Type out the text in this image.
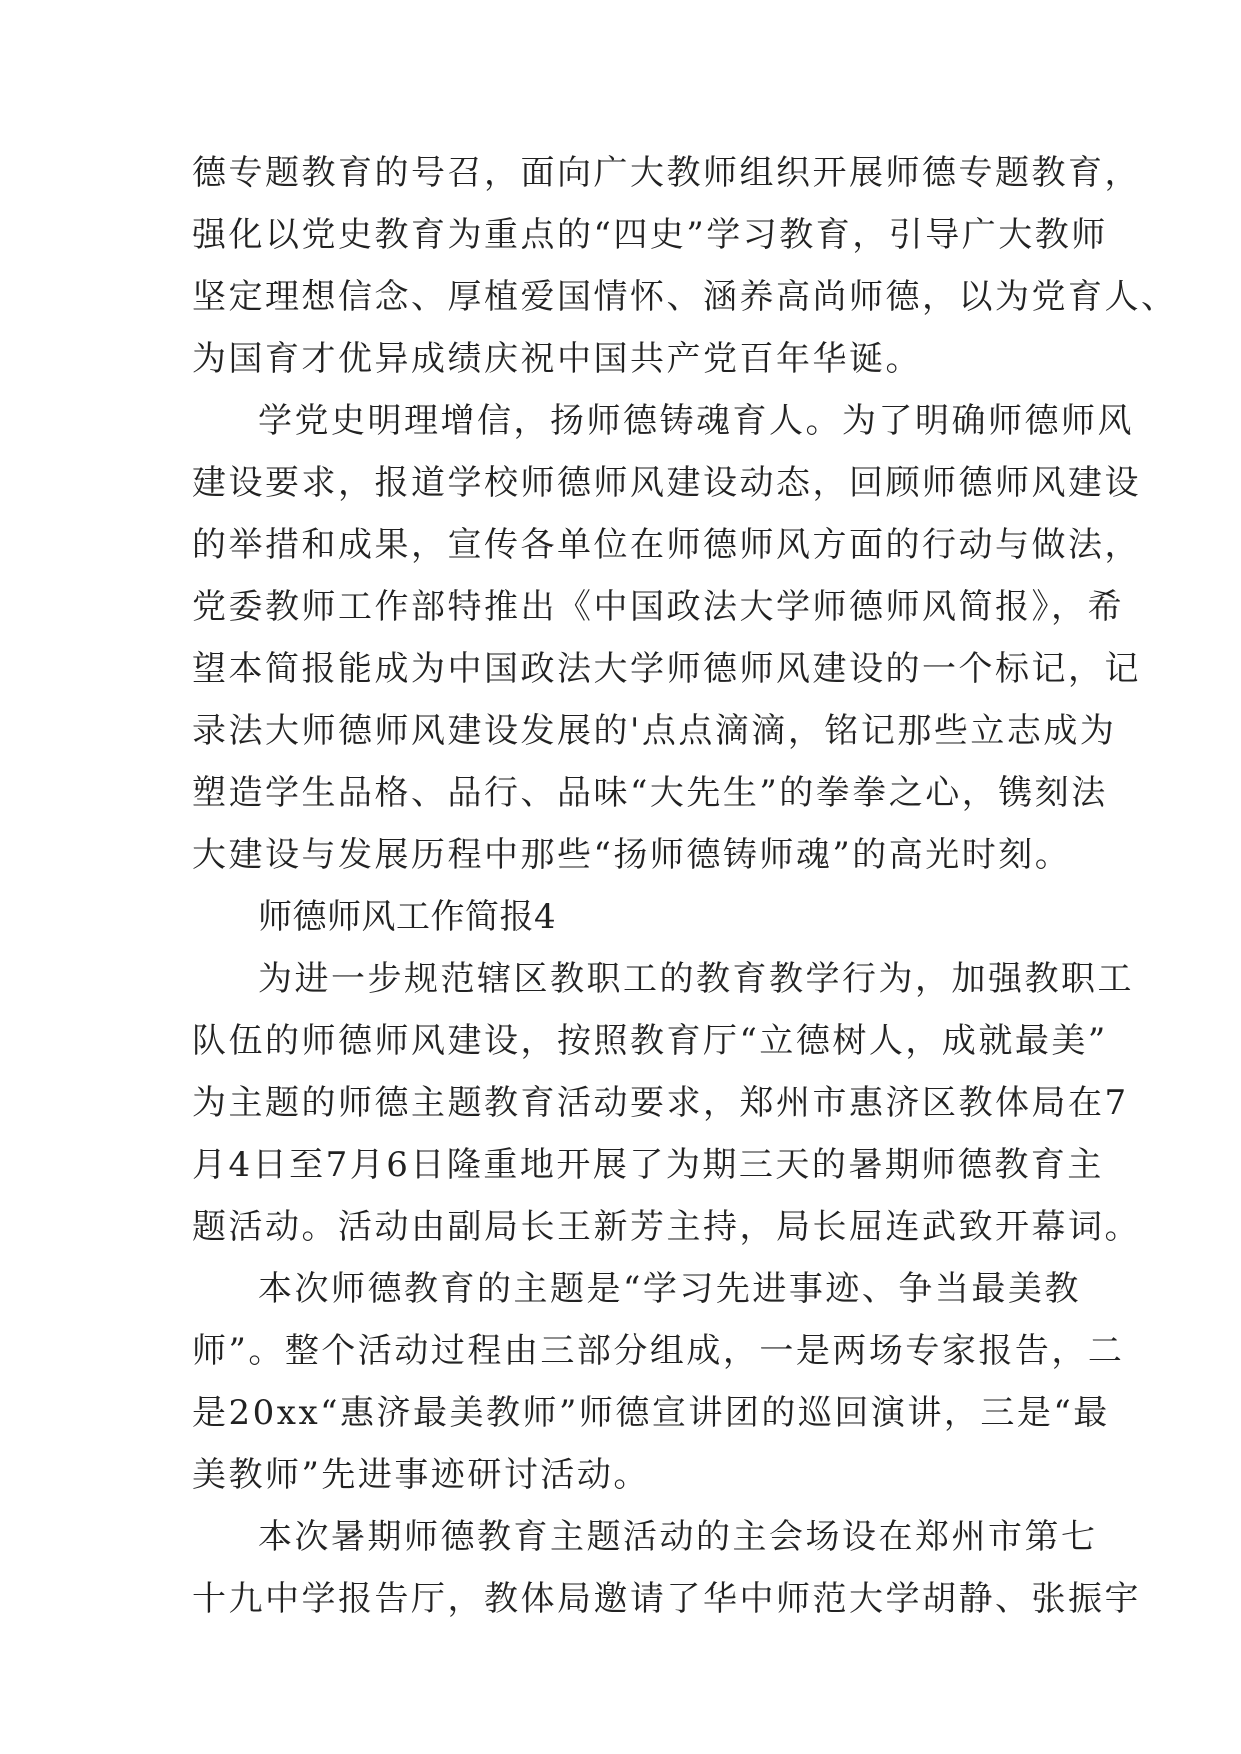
德专题教育的号召，面向广大教师组织开展师德专题教育，
强化以党史教育为重点的“四史”学习教育，引导广大教师
坚定理想信念、厚植爱国情怀、涵养高尚师德，以为党育人、
为国育才优异成绩庆祝中国共产党百年华诞。
学党史明理增信，扬师德铸魂育人。为了明确师德师风
建设要求，报道学校师德师风建设动态，回顾师德师风建设
的举措和成果，宣传各单位在师德师风方面的行动与做法，
党委教师工作部特推出《中国政法大学师德师风简报》，希
望本简报能成为中国政法大学师德师风建设的一个标记，记
录法大师德师风建设发展的'点点滴滴，铭记那些立志成为
塑造学生品格、品行、品味“大先生”的拳拳之心，镌刻法
大建设与发展历程中那些“扬师德铸师魂”的高光时刻。
师德师风工作简报4
为进一步规范辖区教职工的教育教学行为，加强教职工
队伍的师德师风建设，按照教育厅“立德树人，成就最美”
为主题的师德主题教育活动要求，郑州市惠济区教体局在7
月4日至7月6日隆重地开展了为期三天的暑期师德教育主
题活动。活动由副局长王新芳主持，局长屈连武致开幕词。
本次师德教育的主题是“学习先进事迹、争当最美教
师”。整个活动过程由三部分组成，一是两场专家报告，二
是20xx“惠济最美教师”师德宣讲团的巡回演讲，三是“最
美教师”先进事迹研讨活动。
本次暑期师德教育主题活动的主会场设在郑州市第七
十九中学报告厅，教体局邀请了华中师范大学胡静、张振宇
